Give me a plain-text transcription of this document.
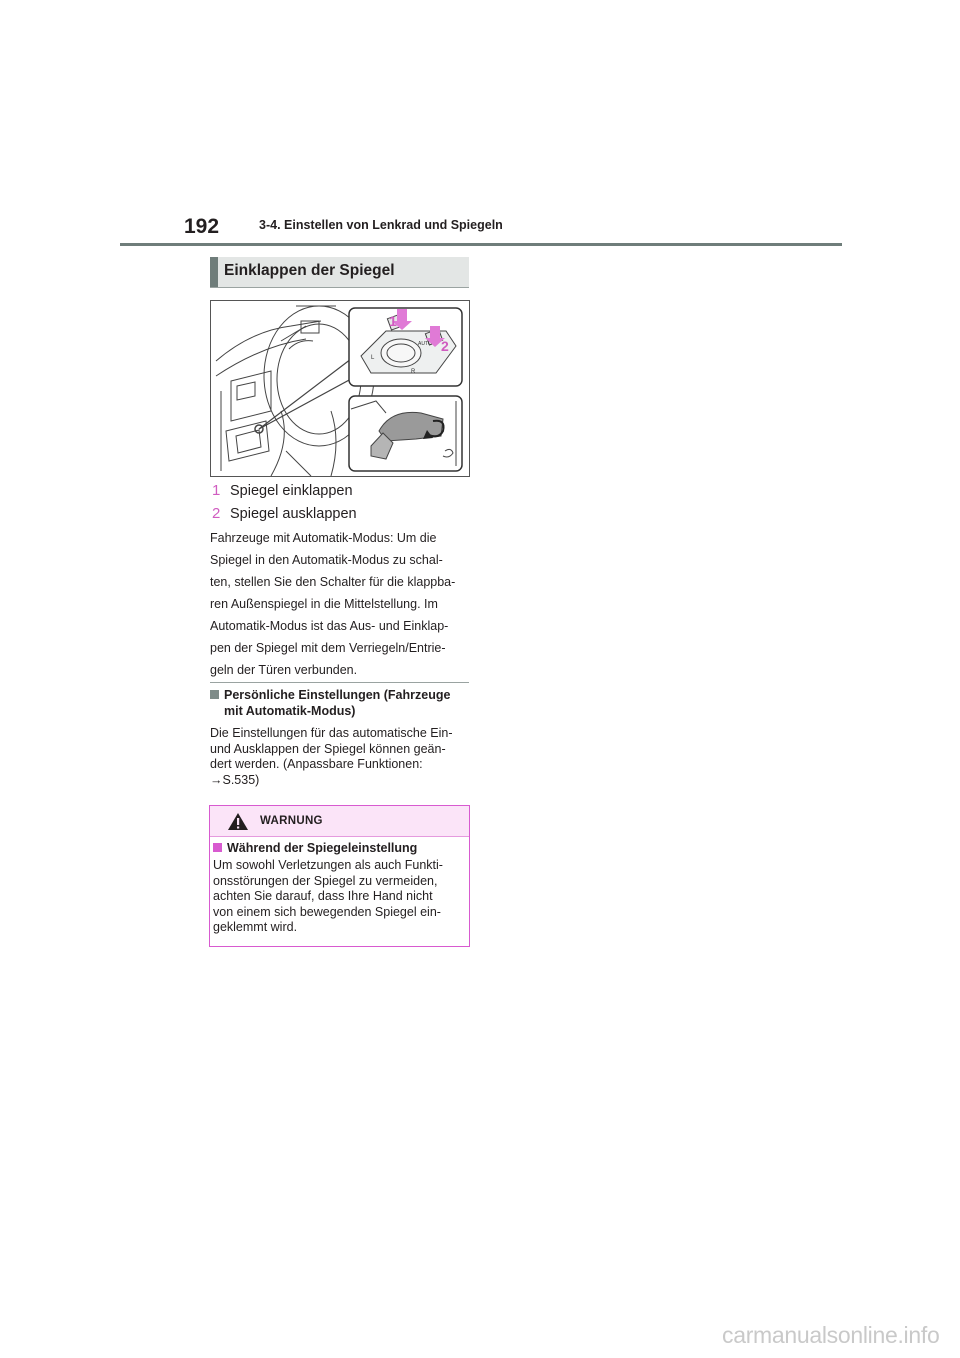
192	3-4. Einstellen von Lenkrad und Spiegeln
Einklappen der Spiegel
AUTO
L
R
1
2
1 Spiegel einklappen
2 Spiegel ausklappen
Fahrzeuge mit Automatik-Modus: Um die
Spiegel in den Automatik-Modus zu schal-
ten, stellen Sie den Schalter für die klappba-
ren Außenspiegel in die Mittelstellung. Im
Automatik-Modus ist das Aus- und Einklap-
pen der Spiegel mit dem Verriegeln/Entrie-
geln der Türen verbunden.
Persönliche Einstellungen (Fahrzeuge
mit Automatik-Modus)
Die Einstellungen für das automatische Ein-
und Ausklappen der Spiegel können geän-
dert werden. (Anpassbare Funktionen:
→S.535)
WARNUNG
Während der Spiegeleinstellung
Um sowohl Verletzungen als auch Funkti-
onsstörungen der Spiegel zu vermeiden,
achten Sie darauf, dass Ihre Hand nicht
von einem sich bewegenden Spiegel ein-
geklemmt wird.
carmanualsonline.info
